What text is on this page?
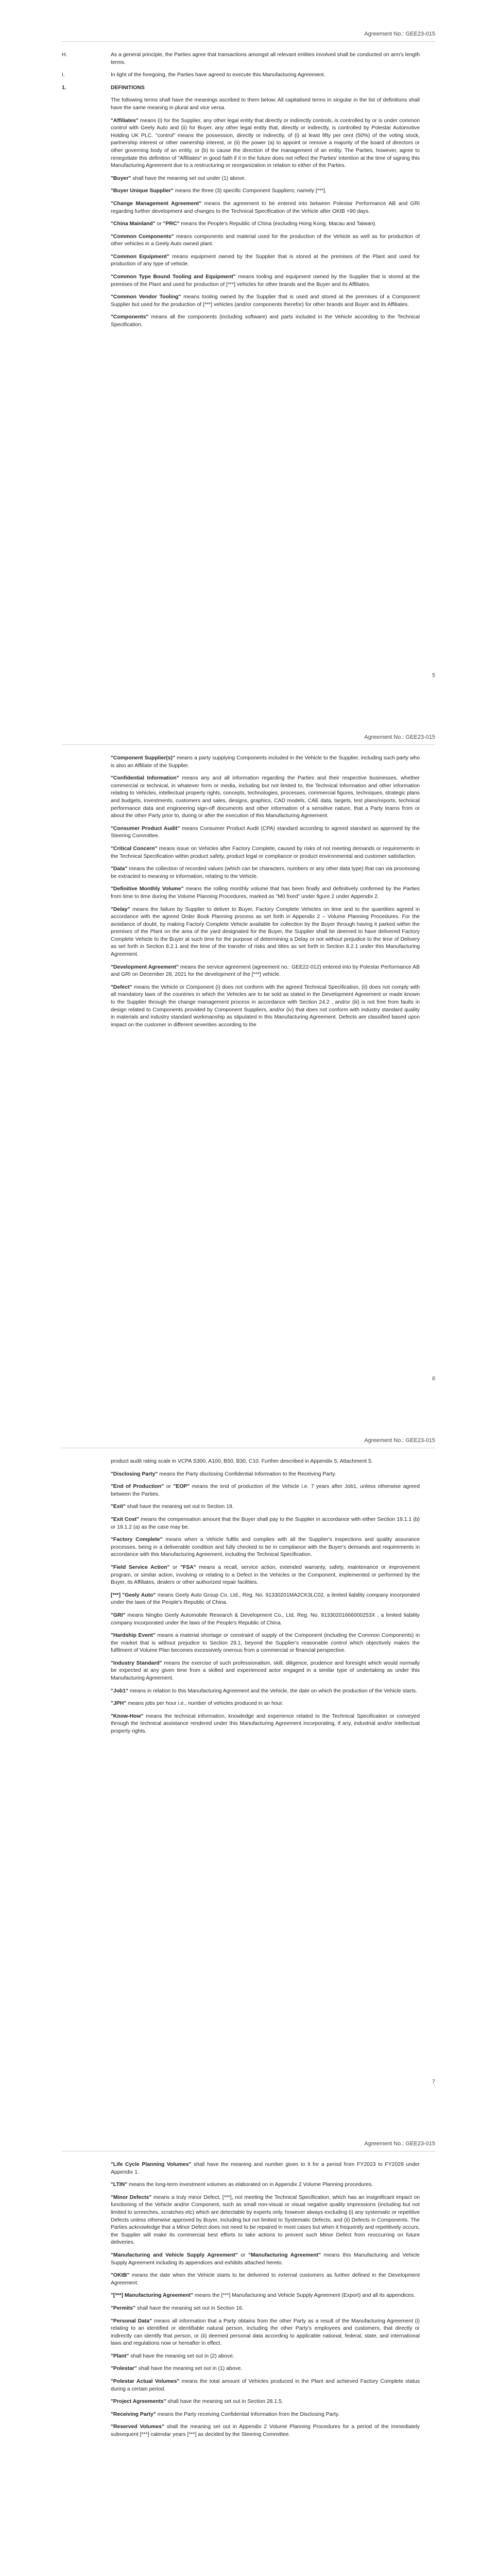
Agreement No.: GEE23-015

H.	As a general principle, the Parties agree that transactions amongst all relevant entities involved shall be conducted on arm's length terms.

I.	In light of the foregoing, the Parties have agreed to execute this Manufacturing Agreement.

1.	DEFINITIONS

The following terms shall have the meanings ascribed to them below. All capitalised terms in singular in the list of definitions shall have the same meaning in plural and vice versa.

"Affiliates" means (i) for the Supplier, any other legal entity that directly or indirectly controls, is controlled by or is under common control with Geely Auto and (ii) for Buyer, any other legal entity that, directly or indirectly, is controlled by Polestar Automotive Holding UK PLC. "control" means the possession, directly or indirectly, of (i) at least fifty per cent (50%) of the voting stock, partnership interest or other ownership interest, or (ii) the power (a) to appoint or remove a majority of the board of directors or other governing body of an entity, or (b) to cause the direction of the management of an entity. The Parties, however, agree to renegotiate this definition of "Affiliates" in good faith if it in the future does not reflect the Parties' intention at the time of signing this Manufacturing Agreement due to a restructuring or reorganization in relation to either of the Parties.

"Buyer" shall have the meaning set out under (1) above.

"Buyer Unique Supplier" means the three (3) specific Component Suppliers; namely [***].

"Change Management Agreement" means the agreement to be entered into between Polestar Performance AB and GRI regarding further development and changes to the Technical Specification of the Vehicle after OKtB +90 days.

"China Mainland" or "PRC" means the People's Republic of China (excluding Hong Kong, Macau and Taiwan).

"Common Components" means components and material used for the production of the Vehicle as well as for production of other vehicles in a Geely Auto owned plant.

"Common Equipment" means equipment owned by the Supplier that is stored at the premises of the Plant and used for production of any type of vehicle.

"Common Type Bound Tooling and Equipment" means tooling and equipment owned by the Supplier that is stored at the premises of the Plant and used for production of [***] vehicles for other brands and the Buyer and its Affiliates.

"Common Vendor Tooling" means tooling owned by the Supplier that is used and stored at the premises of a Component Supplier but used for the production of [***] vehicles (and/or components therefor) for other brands and Buyer and its Affiliates.

"Components" means all the components (including software) and parts included in the Vehicle according to the Technical Specification.

5
Agreement No.: GEE23-015

"Component Supplier(s)" means a party supplying Components included in the Vehicle to the Supplier, including such party who is also an Affiliate of the Supplier.

"Confidential Information" means any and all information regarding the Parties and their respective businesses, whether commercial or technical, in whatever form or media, including but not limited to, the Technical Information and other information relating to Vehicles, intellectual property rights, concepts, technologies, processes, commercial figures, techniques, strategic plans and budgets, investments, customers and sales, designs, graphics, CAD models, CAE data, targets, test plans/reports, technical performance data and engineering sign-off documents and other information of a sensitive nature, that a Party learns from or about the other Party prior to, during or after the execution of this Manufacturing Agreement.

"Consumer Product Audit" means Consumer Product Audit (CPA) standard according to agreed standard as approved by the Steering Committee.

"Critical Concern" means issue on Vehicles after Factory Complete, caused by risks of not meeting demands or requirements in the Technical Specification within product safety, product legal or compliance or product environmental and customer satisfaction.

"Data" means the collection of recorded values (which can be characters, numbers or any other data type) that can via processing be extracted to meaning or information, relating to the Vehicle.

"Definitive Monthly Volume" means the rolling monthly volume that has been finally and definitively confirmed by the Parties from time to time during the Volume Planning Procedures, marked as "M0 fixed" under figure 2 under Appendix 2.

"Delay" means the failure by Supplier to deliver to Buyer, Factory Complete Vehicles on time and to the quantities agreed in accordance with the agreed Order Book Planning process as set forth in Appendix 2 – Volume Planning Procedures. For the avoidance of doubt, by making Factory Complete Vehicle available for collection by the Buyer through having it parked within the premises of the Plant on the area of the yard designated for the Buyer, the Supplier shall be deemed to have delivered Factory Complete Vehicle to the Buyer at such time for the purpose of determining a Delay or not without prejudice to the time of Delivery as set forth in Section 8.2.1 and the time of the transfer of risks and titles as set forth in Section 8.2.1 under this Manufacturing Agreement.

"Development Agreement" means the service agreement (agreement no.: GEE22-012) entered into by Polestar Performance AB and GRI on December 28, 2021 for the development of the [***] vehicle.

"Defect" means the Vehicle or Component (i) does not conform with the agreed Technical Specification, (ii) does not comply with all mandatory laws of the countries in which the Vehicles are to be sold as stated in the Development Agreement or made known to the Supplier through the change management process in accordance with Section 24.2 , and/or (iii) is not free from faults in design related to Components provided by Component Suppliers, and/or (iv) that does not conform with industry standard quality in materials and industry standard workmanship as stipulated in this Manufacturing Agreement. Defects are classified based upon impact on the customer in different severities according to the

6
Agreement No.: GEE23-015

product audit rating scale in VCPA S300, A100, B50, B30, C10. Further described in Appendix 5, Attachment 5.

"Disclosing Party" means the Party disclosing Confidential Information to the Receiving Party.

"End of Production" or "EOP" means the end of production of the Vehicle i.e. 7 years after Job1, unless otherwise agreed between the Parties.

"Exit" shall have the meaning set out in Section 19.

"Exit Cost" means the compensation amount that the Buyer shall pay to the Supplier in accordance with either Section 19.1.1 (b) or 19.1.2 (a) as the case may be.

"Factory Complete" means when a Vehicle fulfils and complies with all the Supplier's inspections and quality assurance processes, being in a deliverable condition and fully checked to be in compliance with the Buyer's demands and requirements in accordance with this Manufacturing Agreement, including the Technical Specification.

"Field Service Action" or "FSA" means a recall, service action, extended warranty, safety, maintenance or improvement program, or similar action, involving or relating to a Defect in the Vehicles or the Component, implemented or performed by the Buyer, its Affiliates, dealers or other authorized repair facilities.

[***] "Geely Auto" means Geely Auto Group Co. Ltd., Reg. No. 91330201MA2CK3LC02, a limited liability company incorporated under the laws of the People's Republic of China.

"GRI" means Ningbo Geely Automobile Research & Development Co., Ltd, Reg. No. 91330201666000253X , a limited liability company incorporated under the laws of the People's Republic of China.

"Hardship Event" means a material shortage or constraint of supply of the Component (including the Common Components) in the market that is without prejudice to Section 29.1, beyond the Supplier's reasonable control which objectively makes the fulfilment of Volume Plan becomes excessively onerous from a commercial or financial perspective.

"Industry Standard" means the exercise of such professionalism, skill, diligence, prudence and foresight which would normally be expected at any given time from a skilled and experienced actor engaged in a similar type of undertaking as under this Manufacturing Agreement.

"Job1" means in relation to this Manufacturing Agreement and the Vehicle, the date on which the production of the Vehicle starts.

"JPH" means jobs per hour i.e., number of vehicles produced in an hour.

"Know-How" means the technical information, knowledge and experience related to the Technical Specification or conveyed through the technical assistance rendered under this Manufacturing Agreement incorporating, if any, industrial and/or intellectual property rights.

7
Agreement No.: GEE23-015

"Life Cycle Planning Volumes" shall have the meaning and number given to it for a period from FY2023 to FY2029 under Appendix 1.

"LTIN" means the long-term investment volumes as elaborated on in Appendix 2 Volume Planning procedures.

"Minor Defects" means a truly minor Defect, [***], not meeting the Technical Specification, which has an insignificant impact on functioning of the Vehicle and/or Component, such as small non-visual or visual negative quality impressions (including but not limited to screeches, scratches etc) which are detectable by experts only, however always excluding (i) any systematic or repetitive Defects unless otherwise approved by Buyer, including but not limited to Systematic Defects, and (ii) Defects in Components. The Parties acknowledge that a Minor Defect does not need to be repaired in most cases but when it frequently and repetitively occurs, the Supplier will make its commercial best efforts to take actions to prevent such Minor Defect from reoccurring on future deliveries.

"Manufacturing and Vehicle Supply Agreement" or "Manufacturing Agreement" means this Manufacturing and Vehicle Supply Agreement including its appendices and exhibits attached hereto.

"OKtB" means the date when the Vehicle starts to be delivered to external customers as further defined in the Development Agreement.

"[***] Manufacturing Agreement" means the [***] Manufacturing and Vehicle Supply Agreement (Export) and all its appendices.

"Permits" shall have the meaning set out in Section 16.

"Personal Data" means all information that a Party obtains from the other Party as a result of the Manufacturing Agreement (i) relating to an identified or identifiable natural person, including the other Party's employees and customers, that directly or indirectly can identify that person, or (ii) deemed personal data according to applicable national, federal, state, and international laws and regulations now or hereafter in effect.

"Plant" shall have the meaning set out in (2) above.

"Polestar" shall have the meaning set out in (1) above.

"Polestar Actual Volumes" means the total amount of Vehicles produced in the Plant and achieved Factory Complete status during a certain period.

"Project Agreements" shall have the meaning set out in Section 28.1.5.

"Receiving Party" means the Party receiving Confidential Information from the Disclosing Party.

"Reserved Volumes" shall the meaning set out in Appendix 2 Volume Planning Procedures for a period of the immediately subsequent [***] calendar years [***] as decided by the Steering Committee.
